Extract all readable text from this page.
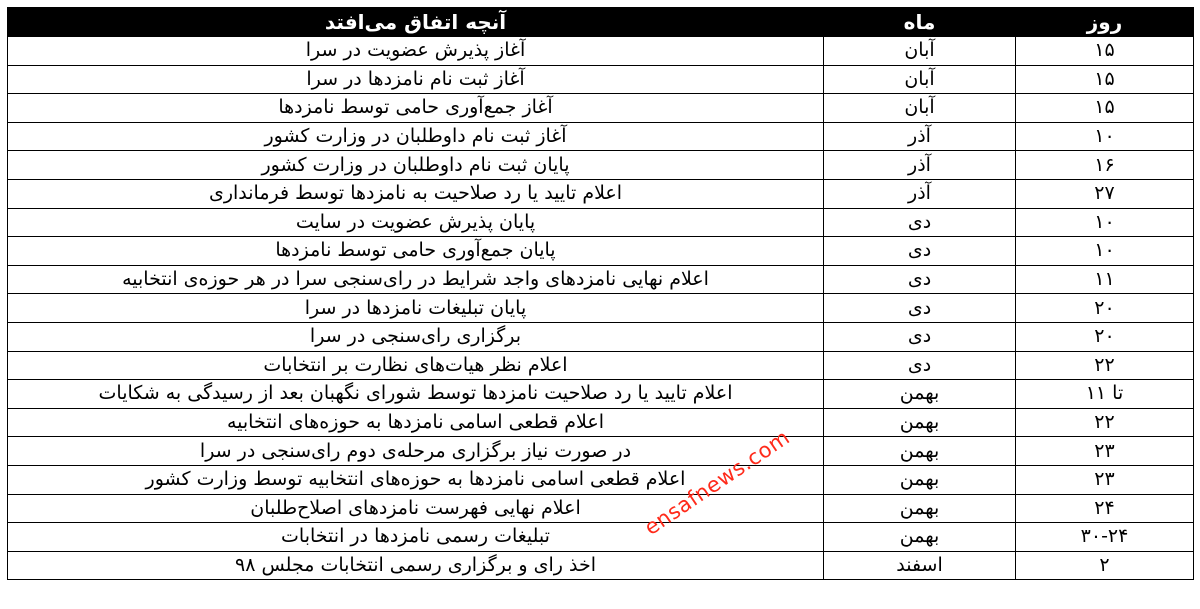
روز	ماه	آنچه اتفاق می‌افتد
۱۵	آبان	آغاز پذیرش عضویت در سرا
۱۵	آبان	آغاز ثبت نام نامزدها در سرا
۱۵	آبان	آغاز جمع‌آوری حامی توسط نامزدها
۱۰	آذر	آغاز ثبت نام داوطلبان در وزارت کشور
۱۶	آذر	پایان ثبت نام داوطلبان در وزارت کشور
۲۷	آذر	اعلام تایید یا رد صلاحیت به نامزدها توسط فرمانداری
۱۰	دی	پایان پذیرش عضویت در سایت
۱۰	دی	پایان جمع‌آوری حامی توسط نامزدها
۱۱	دی	اعلام نهایی نامزدهای واجد شرایط در رای‌سنجی سرا در هر حوزه‌ی انتخابیه
۲۰	دی	پایان تبلیغات نامزدها در سرا
۲۰	دی	برگزاری رای‌سنجی در سرا
۲۲	دی	اعلام نظر هیات‌های نظارت بر انتخابات
تا ۱۱	بهمن	اعلام تایید یا رد صلاحیت نامزدها توسط شورای نگهبان بعد از رسیدگی به شکایات
۲۲	بهمن	اعلام قطعی اسامی نامزدها به حوزه‌های انتخابیه
۲۳	بهمن	در صورت نیاز برگزاری مرحله‌ی دوم رای‌سنجی در سرا
۲۳	بهمن	اعلام قطعی اسامی نامزدها به حوزه‌های انتخابیه توسط وزارت کشور
۲۴	بهمن	اعلام نهایی فهرست نامزدهای اصلاح‌طلبان
۳۰-۲۴	بهمن	تبلیغات رسمی نامزدها در انتخابات
۲	اسفند	اخذ رای و برگزاری رسمی انتخابات مجلس ۹۸
ensafnews.com
